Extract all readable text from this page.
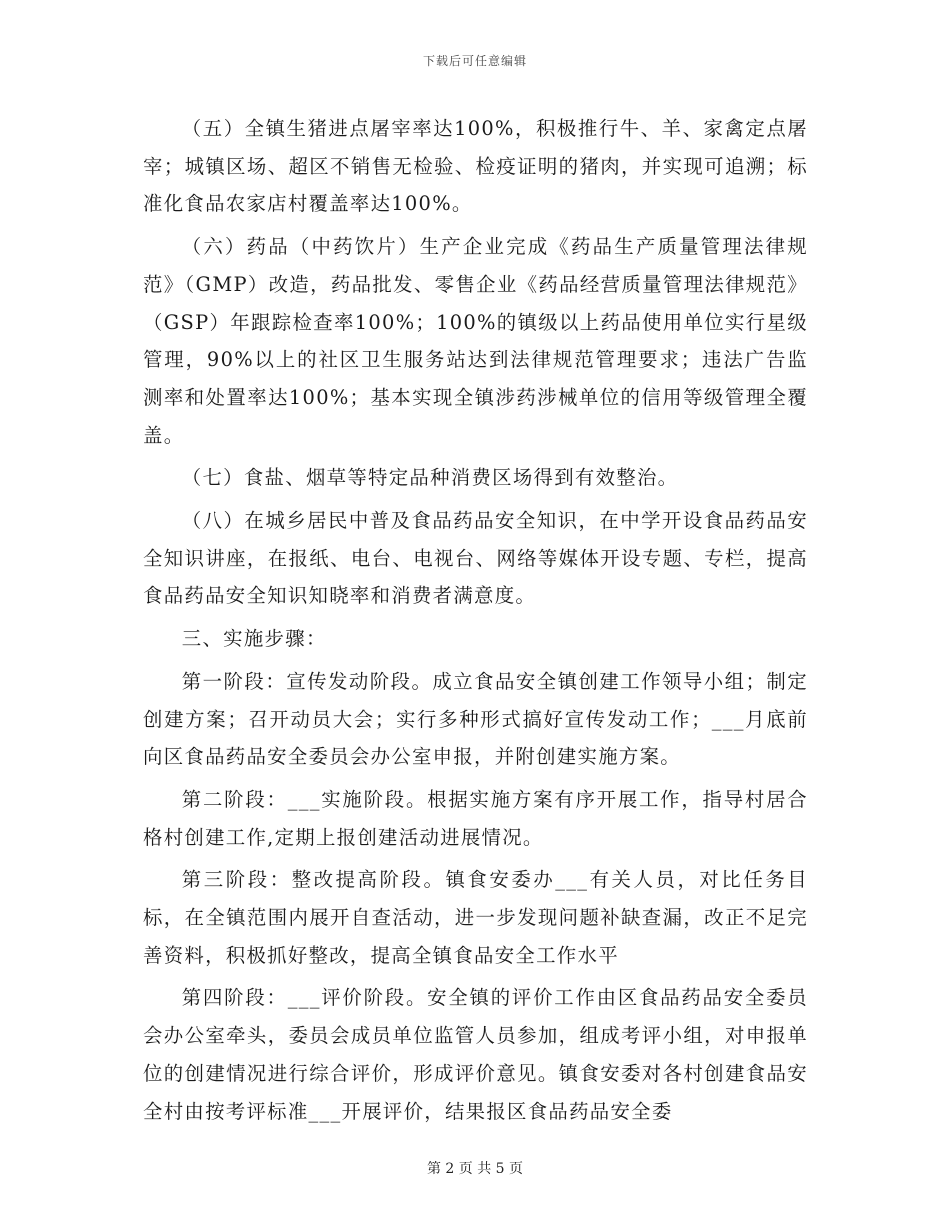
下载后可任意编辑

（五）全镇生猪进点屠宰率达100%，积极推行牛、羊、家禽定点屠宰；城镇区场、超区不销售无检验、检疫证明的猪肉，并实现可追溯；标准化食品农家店村覆盖率达100%。

（六）药品（中药饮片）生产企业完成《药品生产质量管理法律规范》（GMP）改造，药品批发、零售企业《药品经营质量管理法律规范》（GSP）年跟踪检查率100%；100%的镇级以上药品使用单位实行星级管理，90%以上的社区卫生服务站达到法律规范管理要求；违法广告监测率和处置率达100%；基本实现全镇涉药涉械单位的信用等级管理全覆盖。

（七）食盐、烟草等特定品种消费区场得到有效整治。

（八）在城乡居民中普及食品药品安全知识，在中学开设食品药品安全知识讲座，在报纸、电台、电视台、网络等媒体开设专题、专栏，提高食品药品安全知识知晓率和消费者满意度。

三、实施步骤：

第一阶段：宣传发动阶段。成立食品安全镇创建工作领导小组；制定创建方案；召开动员大会；实行多种形式搞好宣传发动工作；___月底前向区食品药品安全委员会办公室申报，并附创建实施方案。

第二阶段：___实施阶段。根据实施方案有序开展工作，指导村居合格村创建工作,定期上报创建活动进展情况。

第三阶段：整改提高阶段。镇食安委办___有关人员，对比任务目标，在全镇范围内展开自查活动，进一步发现问题补缺查漏，改正不足完善资料，积极抓好整改，提高全镇食品安全工作水平

第四阶段：___评价阶段。安全镇的评价工作由区食品药品安全委员会办公室牵头，委员会成员单位监管人员参加，组成考评小组，对申报单位的创建情况进行综合评价，形成评价意见。镇食安委对各村创建食品安全村由按考评标准___开展评价，结果报区食品药品安全委

第 2 页 共 5 页
